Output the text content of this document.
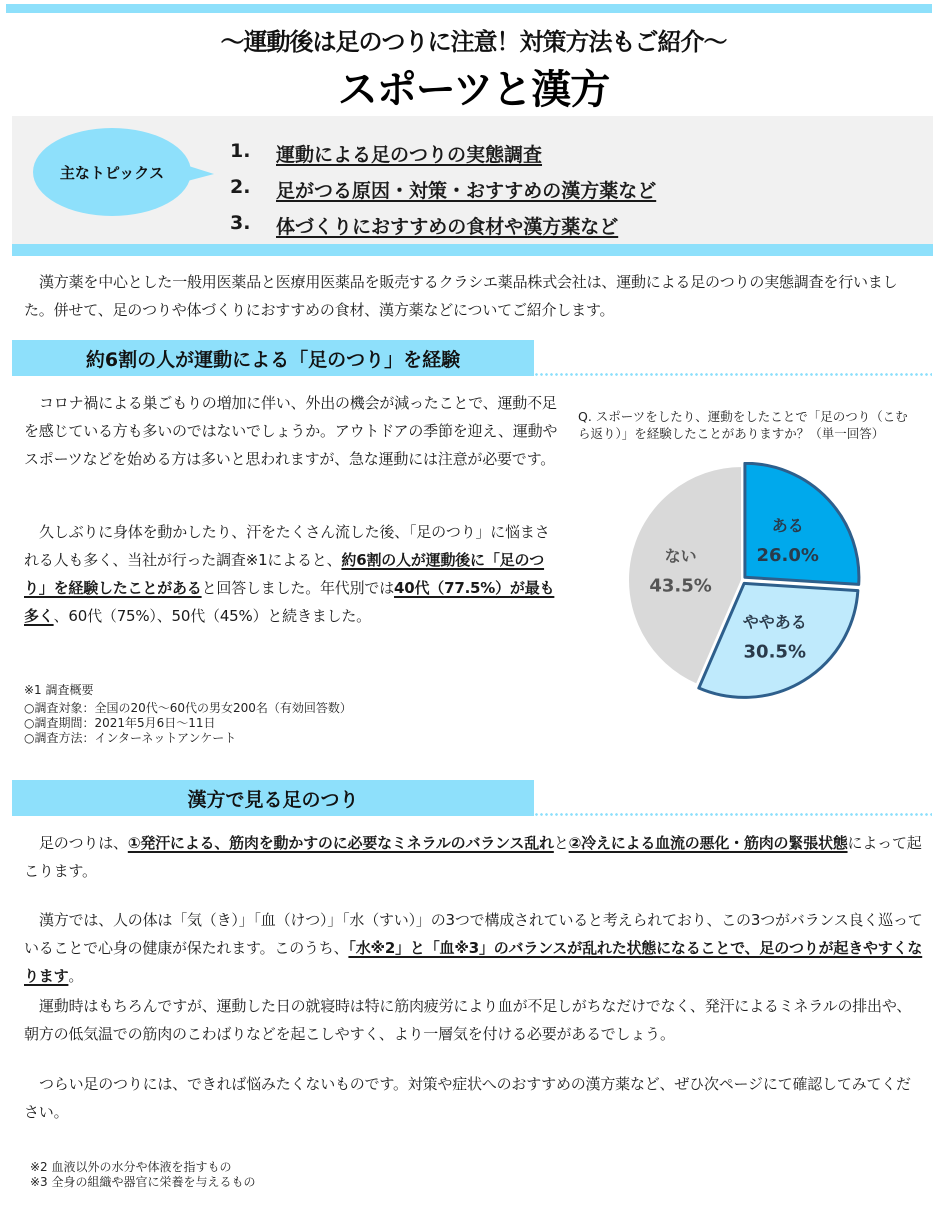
～運動後は足のつりに注意！対策方法もご紹介～
スポーツと漢方
主なトピックス
1.	運動による足のつりの実態調査
2.	足がつる原因・対策・おすすめの漢方薬など
3.	体づくりにおすすめの食材や漢方薬など
漢方薬を中心とした一般用医薬品と医療用医薬品を販売するクラシエ薬品株式会社は、運動による足のつりの実態調査を行いました。併せて、足のつりや体づくりにおすすめの食材、漢方薬などについてご紹介します。
約6割の人が運動による「足のつり」を経験
コロナ禍による巣ごもりの増加に伴い、外出の機会が減ったことで、運動不足を感じている方も多いのではないでしょうか。アウトドアの季節を迎え、運動やスポーツなどを始める方は多いと思われますが、急な運動には注意が必要です。
久しぶりに身体を動かしたり、汗をたくさん流した後、「足のつり」に悩まされる人も多く、当社が行った調査※1によると、約6割の人が運動後に「足のつり」を経験したことがあると回答しました。年代別では40代（77.5%）が最も多く、60代（75%）、50代（45%）と続きました。
※1 調査概要
○調査対象：全国の20代～60代の男女200名（有効回答数）
○調査期間：2021年5月6日～11日
○調査方法：インターネットアンケート
Q. スポーツをしたり、運動をしたことで「足のつり（こむら返り）」を経験したことがありますか？（単一回答）
ある
26.0%
ややある
30.5%
ない
43.5%
漢方で見る足のつり
足のつりは、①発汗による、筋肉を動かすのに必要なミネラルのバランス乱れと②冷えによる血流の悪化・筋肉の緊張状態によって起こります。
漢方では、人の体は「気（き）」「血（けつ）」「水（すい）」の3つで構成されていると考えられており、この3つがバランス良く巡っていることで心身の健康が保たれます。このうち、「水※2」と「血※3」のバランスが乱れた状態になることで、足のつりが起きやすくなります。
運動時はもちろんですが、運動した日の就寝時は特に筋肉疲労により血が不足しがちなだけでなく、発汗によるミネラルの排出や、朝方の低気温での筋肉のこわばりなどを起こしやすく、より一層気を付ける必要があるでしょう。
つらい足のつりには、できれば悩みたくないものです。対策や症状へのおすすめの漢方薬など、ぜひ次ページにて確認してみてください。
※2 血液以外の水分や体液を指すもの
※3 全身の組織や器官に栄養を与えるもの
